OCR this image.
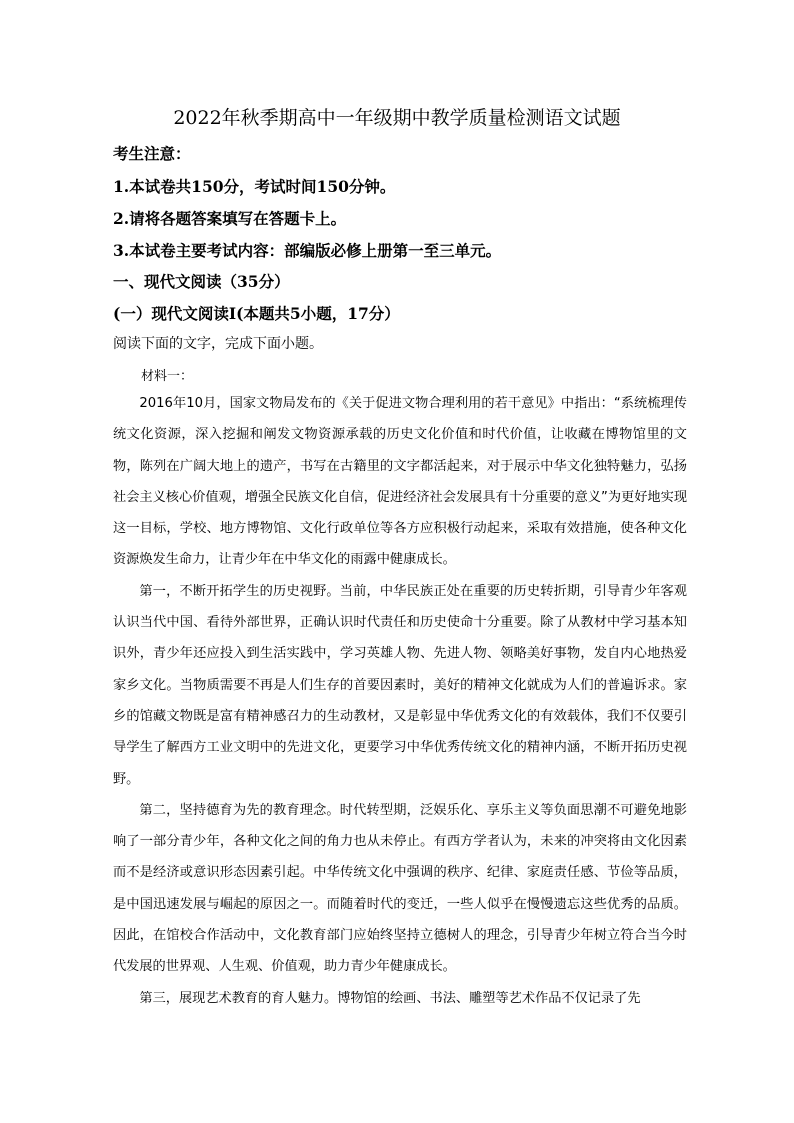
2022年秋季期高中一年级期中教学质量检测语文试题
考生注意：
1.本试卷共150分，考试时间150分钟。
2.请将各题答案填写在答题卡上。
3.本试卷主要考试内容：部编版必修上册第一至三单元。
一、现代文阅读（35分）
(一）现代文阅读Ⅰ(本题共5小题，17分）
阅读下面的文字，完成下面小题。
材料一：

2016年10月，国家文物局发布的《关于促进文物合理利用的若干意见》中指出：“系统梳理传统文化资源，深入挖掘和阐发文物资源承载的历史文化价值和时代价值，让收藏在博物馆里的文物，陈列在广阔大地上的遗产，书写在古籍里的文字都活起来，对于展示中华文化独特魅力，弘扬社会主义核心价值观，增强全民族文化自信，促进经济社会发展具有十分重要的意义”为更好地实现这一目标，学校、地方博物馆、文化行政单位等各方应积极行动起来，采取有效措施，使各种文化资源焕发生命力，让青少年在中华文化的雨露中健康成长。

第一，不断开拓学生的历史视野。当前，中华民族正处在重要的历史转折期，引导青少年客观认识当代中国、看待外部世界，正确认识时代责任和历史使命十分重要。除了从教材中学习基本知识外，青少年还应投入到生活实践中，学习英雄人物、先进人物、领略美好事物，发自内心地热爱家乡文化。当物质需要不再是人们生存的首要因素时，美好的精神文化就成为人们的普遍诉求。家乡的馆藏文物既是富有精神感召力的生动教材，又是彰显中华优秀文化的有效载体，我们不仅要引导学生了解西方工业文明中的先进文化，更要学习中华优秀传统文化的精神内涵，不断开拓历史视野。

第二，坚持德育为先的教育理念。时代转型期，泛娱乐化、享乐主义等负面思潮不可避免地影响了一部分青少年，各种文化之间的角力也从未停止。有西方学者认为，未来的冲突将由文化因素而不是经济或意识形态因素引起。中华传统文化中强调的秩序、纪律、家庭责任感、节俭等品质，是中国迅速发展与崛起的原因之一。而随着时代的变迁，一些人似乎在慢慢遗忘这些优秀的品质。因此，在馆校合作活动中，文化教育部门应始终坚持立德树人的理念，引导青少年树立符合当今时代发展的世界观、人生观、价值观，助力青少年健康成长。

第三，展现艺术教育的育人魅力。博物馆的绘画、书法、雕塑等艺术作品不仅记录了先
